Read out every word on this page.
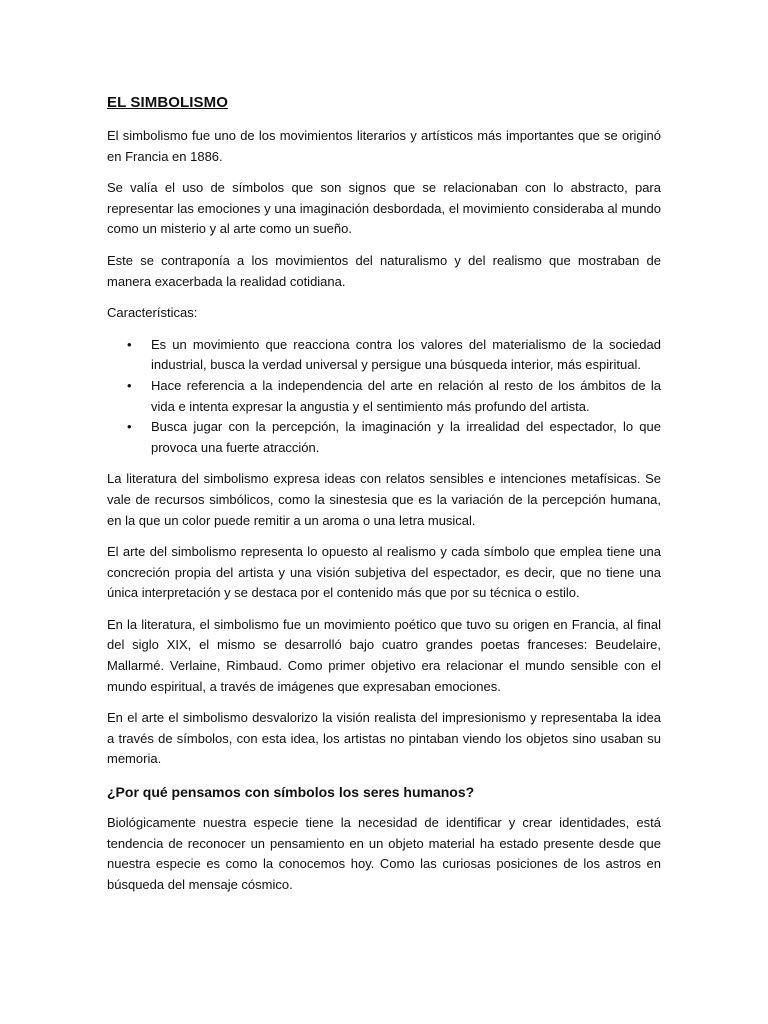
EL SIMBOLISMO

El simbolismo fue uno de los movimientos literarios y artísticos más importantes que se originó en Francia en 1886.

Se valía el uso de símbolos que son signos que se relacionaban con lo abstracto, para representar las emociones y una imaginación desbordada, el movimiento consideraba al mundo como un misterio y al arte como un sueño.

Este se contraponía a los movimientos del naturalismo y del realismo que mostraban de manera exacerbada la realidad cotidiana.

Características:

• Es un movimiento que reacciona contra los valores del materialismo de la sociedad industrial, busca la verdad universal y persigue una búsqueda interior, más espiritual.
• Hace referencia a la independencia del arte en relación al resto de los ámbitos de la vida e intenta expresar la angustia y el sentimiento más profundo del artista.
• Busca jugar con la percepción, la imaginación y la irrealidad del espectador, lo que provoca una fuerte atracción.

La literatura del simbolismo expresa ideas con relatos sensibles e intenciones metafísicas. Se vale de recursos simbólicos, como la sinestesia que es la variación de la percepción humana, en la que un color puede remitir a un aroma o una letra musical.

El arte del simbolismo representa lo opuesto al realismo y cada símbolo que emplea tiene una concreción propia del artista y una visión subjetiva del espectador, es decir, que no tiene una única interpretación y se destaca por el contenido más que por su técnica o estilo.

En la literatura, el simbolismo fue un movimiento poético que tuvo su origen en Francia, al final del siglo XIX, el mismo se desarrolló bajo cuatro grandes poetas franceses: Beudelaire, Mallarmé. Verlaine, Rimbaud. Como primer objetivo era relacionar el mundo sensible con el mundo espiritual, a través de imágenes que expresaban emociones.

En el arte el simbolismo desvalorizo la visión realista del impresionismo y representaba la idea a través de símbolos, con esta idea, los artistas no pintaban viendo los objetos sino usaban su memoria.

¿Por qué pensamos con símbolos los seres humanos?

Biológicamente nuestra especie tiene la necesidad de identificar y crear identidades, está tendencia de reconocer un pensamiento en un objeto material ha estado presente desde que nuestra especie es como la conocemos hoy. Como las curiosas posiciones de los astros en búsqueda del mensaje cósmico.
